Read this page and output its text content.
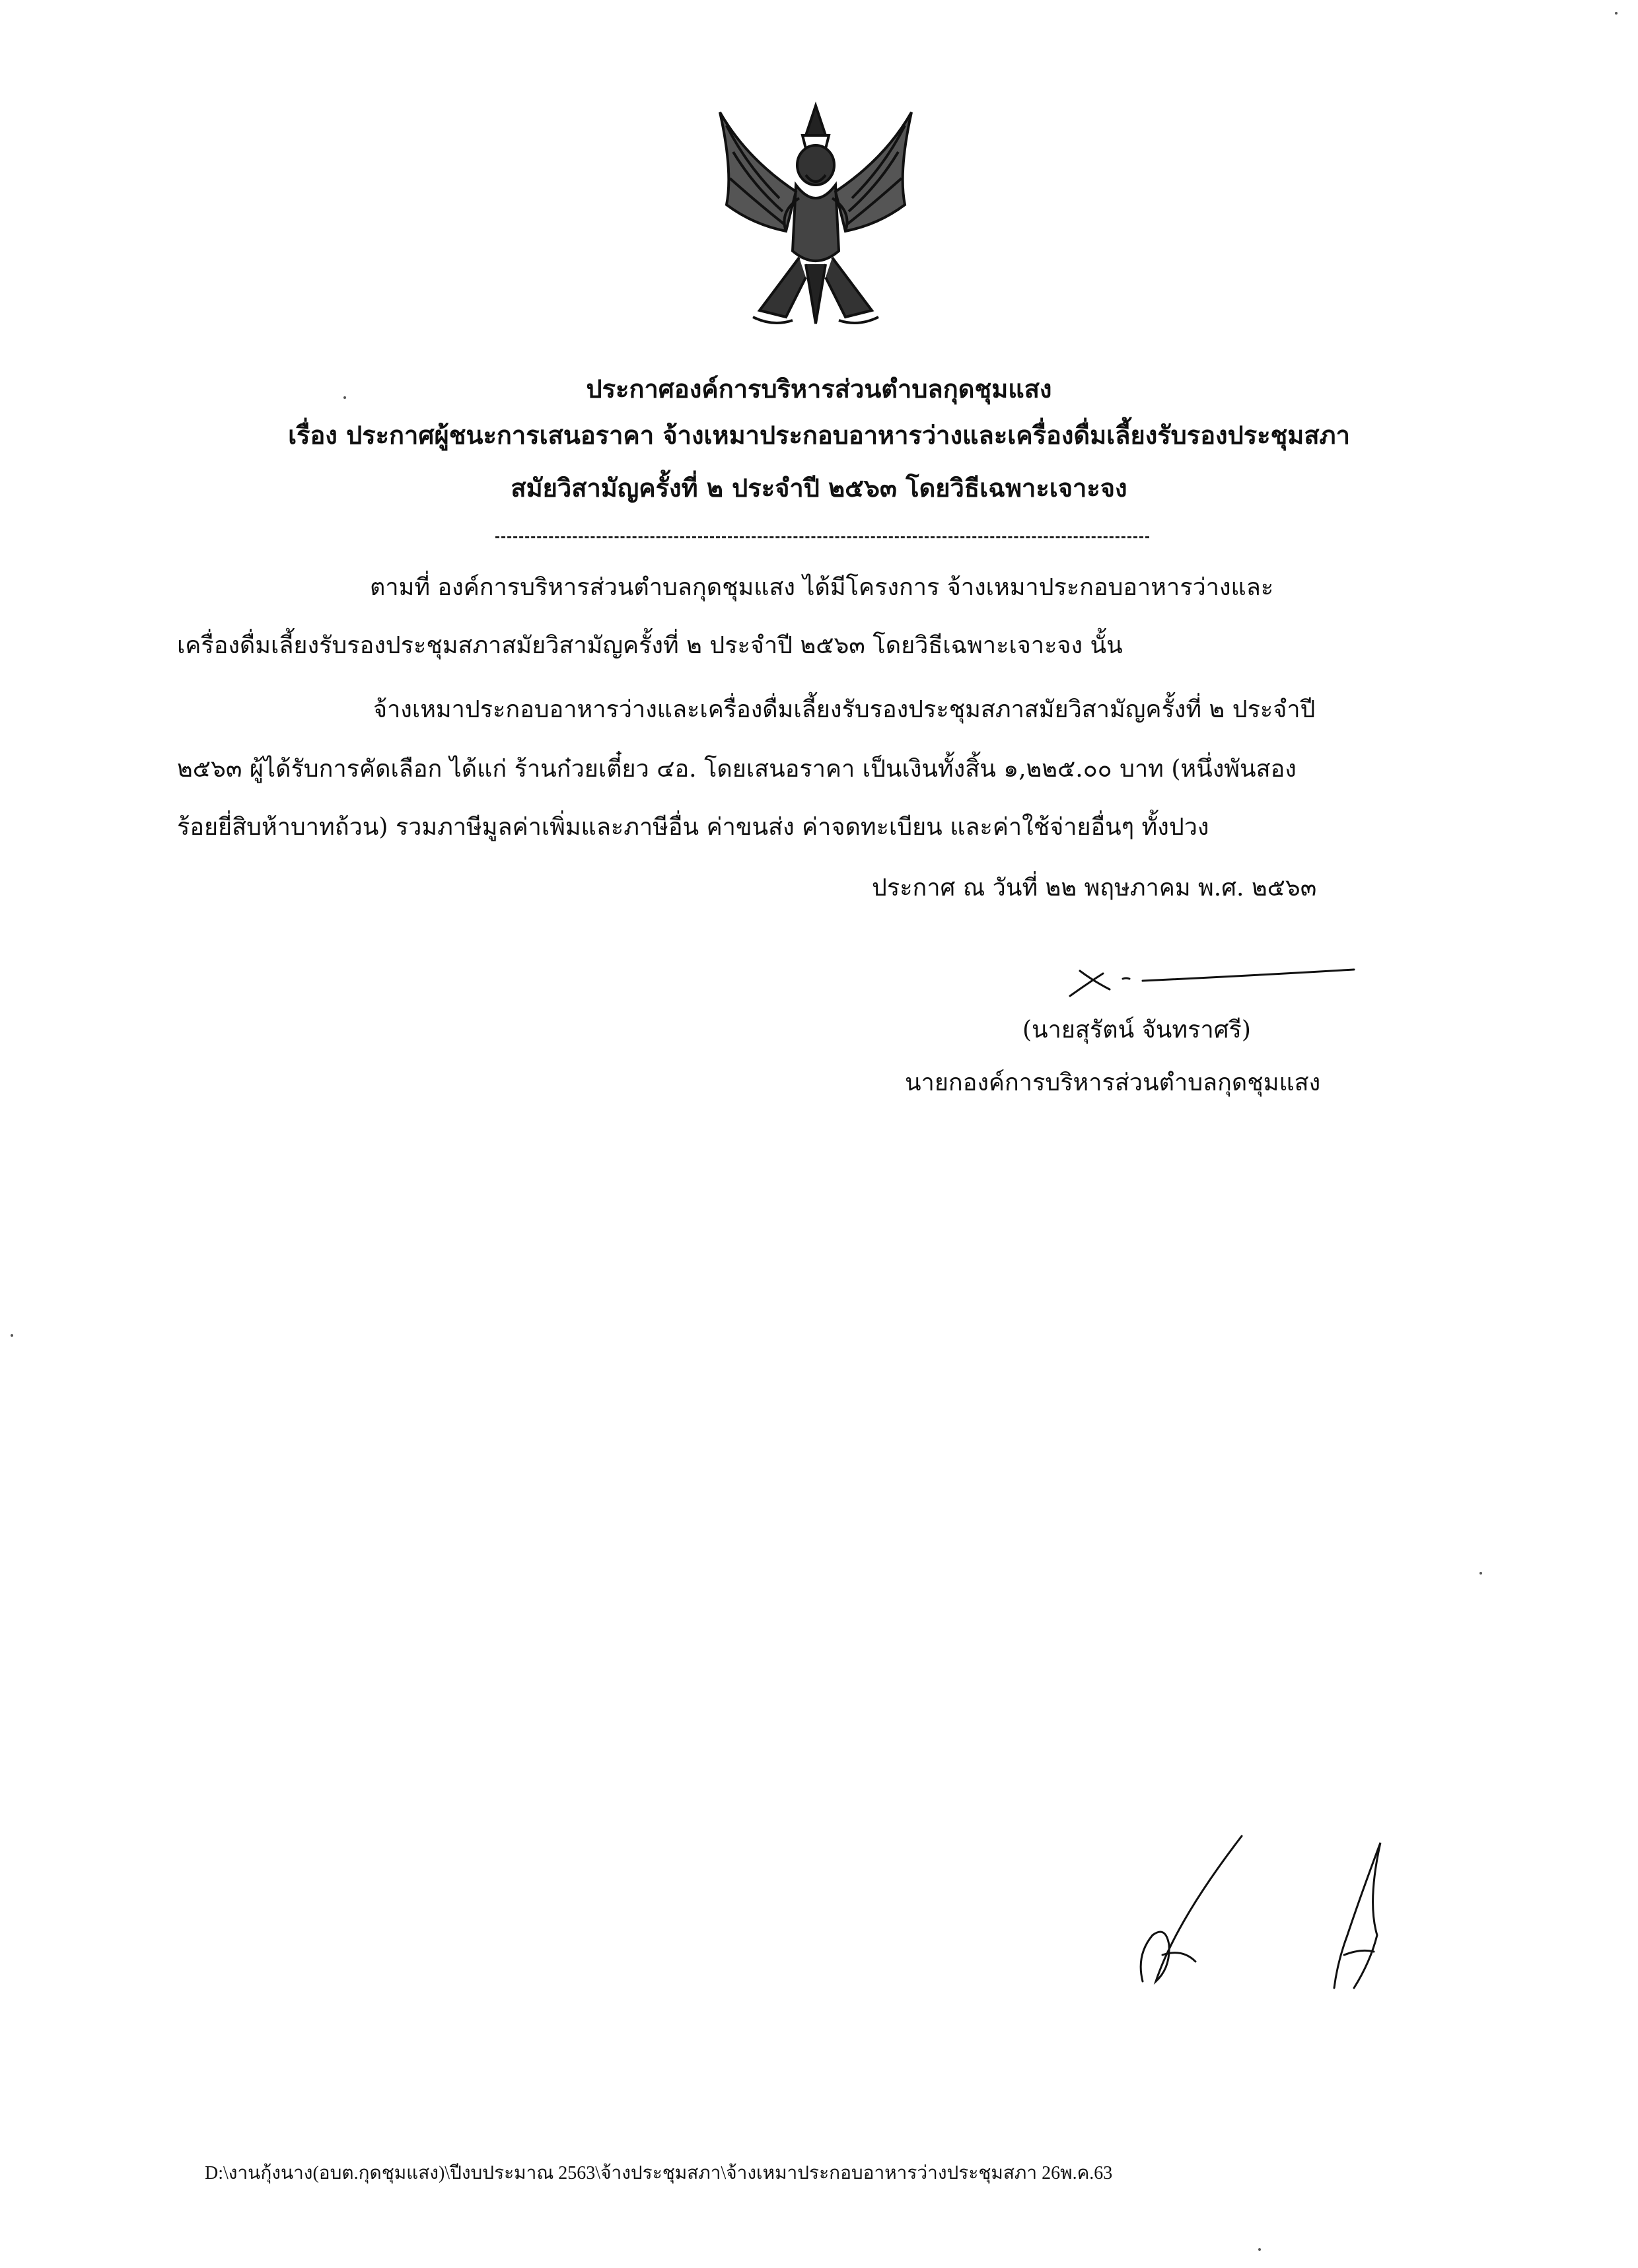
ประกาศองค์การบริหารส่วนตำบลกุดชุมแสง
เรื่อง ประกาศผู้ชนะการเสนอราคา จ้างเหมาประกอบอาหารว่างและเครื่องดื่มเลี้ยงรับรองประชุมสภา
สมัยวิสามัญครั้งที่ ๒ ประจำปี ๒๕๖๓ โดยวิธีเฉพาะเจาะจง
ตามที่ องค์การบริหารส่วนตำบลกุดชุมแสง ได้มีโครงการ จ้างเหมาประกอบอาหารว่างและ
เครื่องดื่มเลี้ยงรับรองประชุมสภาสมัยวิสามัญครั้งที่ ๒ ประจำปี ๒๕๖๓ โดยวิธีเฉพาะเจาะจง นั้น
จ้างเหมาประกอบอาหารว่างและเครื่องดื่มเลี้ยงรับรองประชุมสภาสมัยวิสามัญครั้งที่ ๒ ประจำปี
๒๕๖๓ ผู้ได้รับการคัดเลือก ได้แก่ ร้านก๋วยเตี๋ยว ๔อ. โดยเสนอราคา เป็นเงินทั้งสิ้น ๑,๒๒๕.๐๐ บาท (หนึ่งพันสอง
ร้อยยี่สิบห้าบาทถ้วน) รวมภาษีมูลค่าเพิ่มและภาษีอื่น ค่าขนส่ง ค่าจดทะเบียน และค่าใช้จ่ายอื่นๆ ทั้งปวง
ประกาศ ณ วันที่ ๒๒ พฤษภาคม พ.ศ. ๒๕๖๓
(นายสุรัตน์ จันทราศรี)
นายกองค์การบริหารส่วนตำบลกุดชุมแสง
D:\งานกุ้งนาง(อบต.กุดชุมแสง)\ปีงบประมาณ 2563\จ้างประชุมสภา\จ้างเหมาประกอบอาหารว่างประชุมสภา 26พ.ค.63
